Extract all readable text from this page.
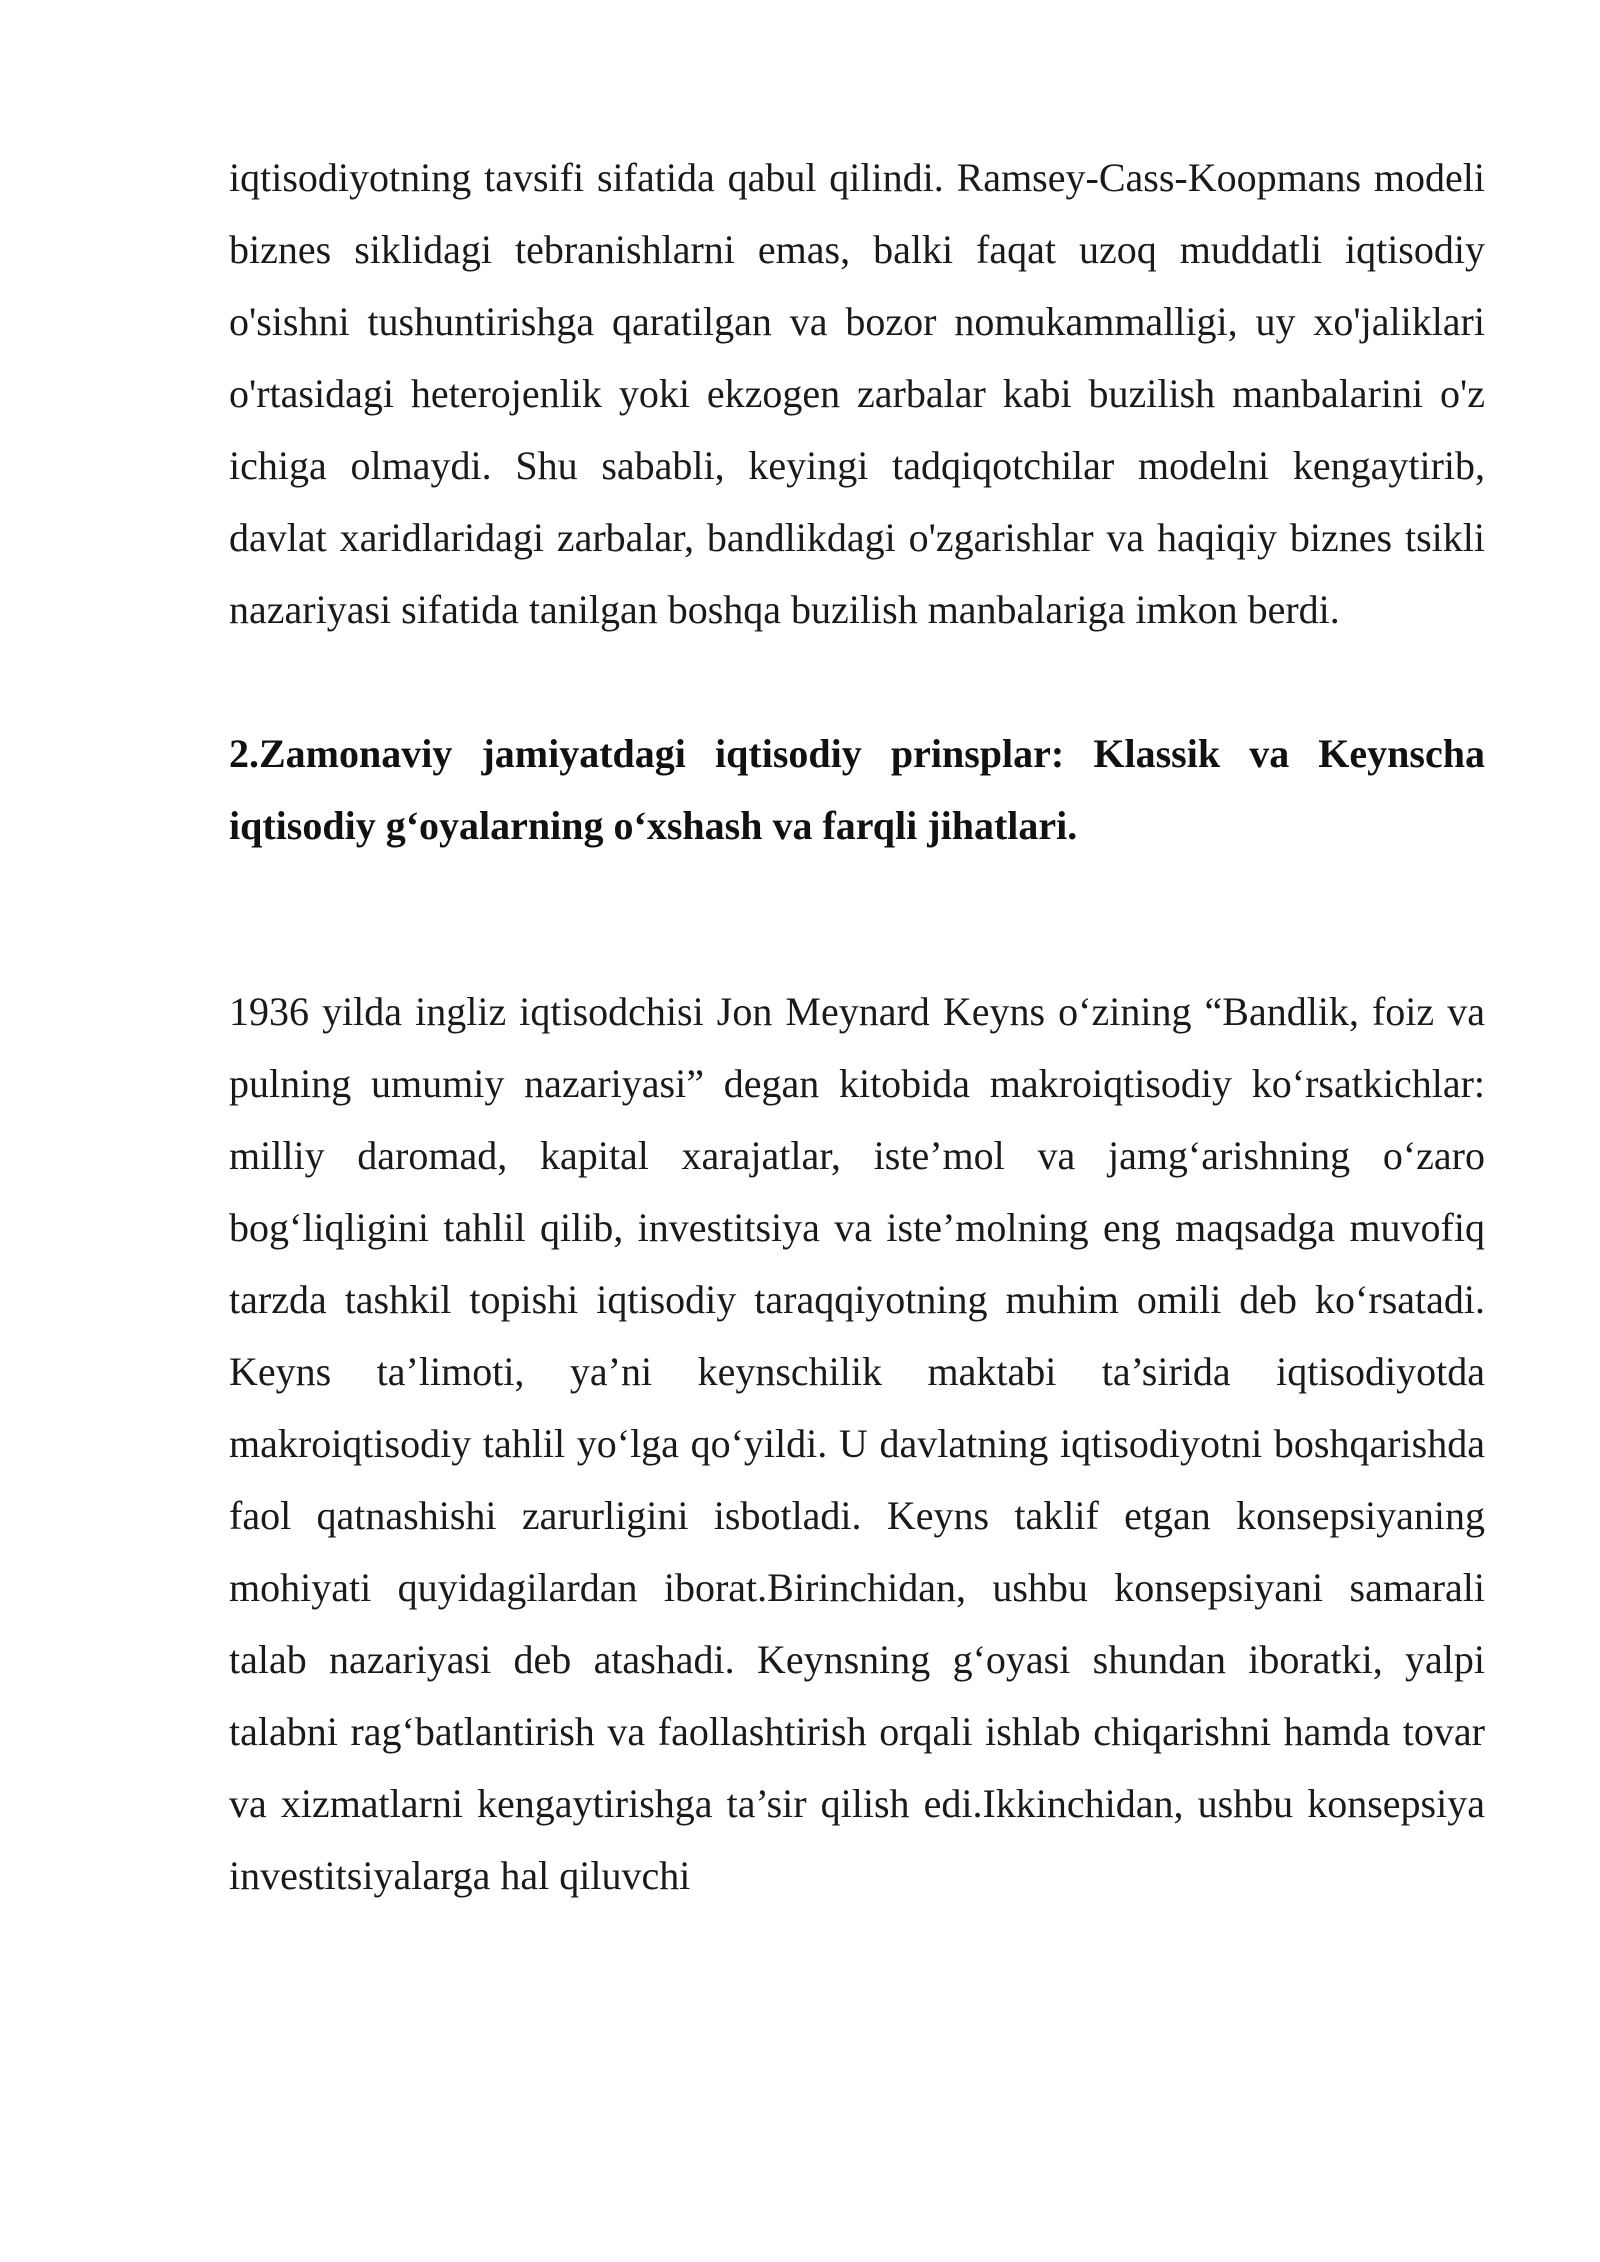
iqtisodiyotning tavsifi sifatida qabul qilindi. Ramsey-Cass-Koopmans modeli biznes siklidagi tebranishlarni emas, balki faqat uzoq muddatli iqtisodiy o'sishni tushuntirishga qaratilgan va bozor nomukammalligi, uy xo'jaliklari o'rtasidagi heterojenlik yoki ekzogen zarbalar kabi buzilish manbalarini o'z ichiga olmaydi. Shu sababli, keyingi tadqiqotchilar modelni kengaytirib, davlat xaridlaridagi zarbalar, bandlikdagi o'zgarishlar va haqiqiy biznes tsikli nazariyasi sifatida tanilgan boshqa buzilish manbalariga imkon berdi.

2.Zamonaviy jamiyatdagi iqtisodiy prinsplar: Klassik va Keynscha iqtisodiy g‘oyalarning o‘xshash va farqli jihatlari.

1936 yilda ingliz iqtisodchisi Jon Meynard Keyns o‘zining “Bandlik, foiz va pulning umumiy nazariyasi” degan kitobida makroiqtisodiy ko‘rsatkichlar: milliy daromad, kapital xarajatlar, iste’mol va jamg‘arishning o‘zaro bog‘liqligini tahlil qilib, investitsiya va iste’molning eng maqsadga muvofiq tarzda tashkil topishi iqtisodiy taraqqiyotning muhim omili deb ko‘rsatadi. Keyns ta’limoti, ya’ni keynschilik maktabi ta’sirida iqtisodiyotda makroiqtisodiy tahlil yo‘lga qo‘yildi. U davlatning iqtisodiyotni boshqarishda faol qatnashishi zarurligini isbotladi. Keyns taklif etgan konsepsiyaning mohiyati quyidagilardan iborat.Birinchidan, ushbu konsepsiyani samarali talab nazariyasi deb atashadi. Keynsning g‘oyasi shundan iboratki, yalpi talabni rag‘batlantirish va faollashtirish orqali ishlab chiqarishni hamda tovar va xizmatlarni kengaytirishga ta’sir qilish edi.Ikkinchidan, ushbu konsepsiya investitsiyalarga hal qiluvchi
